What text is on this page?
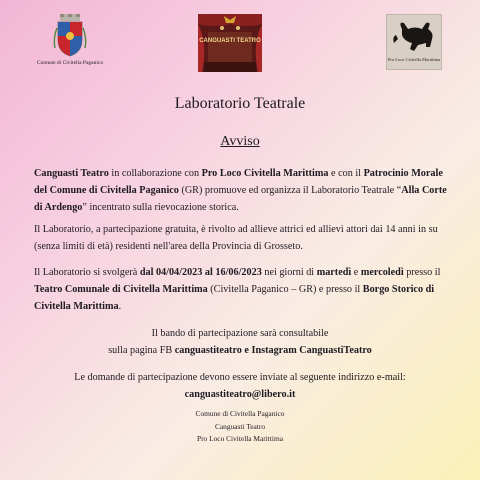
Comune di Civitella Paganico
CANGUASTI TEATRO
Pro Loco Civitella Marittima
Laboratorio Teatrale
Avviso

Canguasti Teatro in collaborazione con Pro Loco Civitella Marittima e con il Patrocinio Morale del Comune di Civitella Paganico (GR) promuove ed organizza il Laboratorio Teatrale “Alla Corte di Ardengo” incentrato sulla rievocazione storica.

Il Laboratorio, a partecipazione gratuita, è rivolto ad allieve attrici ed allievi attori dai 14 anni in su (senza limiti di età) residenti nell'area della Provincia di Grosseto.

Il Laboratorio si svolgerà dal 04/04/2023 al 16/06/2023 nei giorni di martedì e mercoledì presso il Teatro Comunale di Civitella Marittima (Civitella Paganico – GR) e presso il Borgo Storico di Civitella Marittima.

Il bando di partecipazione sarà consultabile
sulla pagina FB canguastiteatro e Instagram CanguastiTeatro

Le domande di partecipazione devono essere inviate al seguente indirizzo e-mail:
canguastiteatro@libero.it

Comune di Civitella Paganico
Canguasti Teatro
Pro Loco Civitella Marittima
